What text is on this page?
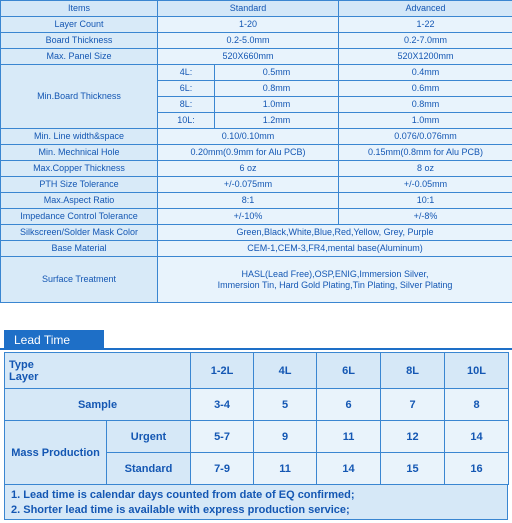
Items	Standard		Advanced
Layer Count	1-20		1-22
Board Thickness	0.2-5.0mm		0.2-7.0mm
Max. Panel Size	520X660mm		520X1200mm
Min.Board Thickness	4L:	0.5mm	0.4mm
	6L:	0.8mm	0.6mm
	8L:	1.0mm	0.8mm
	10L:	1.2mm	1.0mm
Min. Line width&space	0.10/0.10mm		0.076/0.076mm
Min. Mechnical Hole	0.20mm(0.9mm for Alu PCB)		0.15mm(0.8mm for Alu PCB)
Max.Copper Thickness	6 oz		8 oz
PTH Size Tolerance	+/-0.075mm		+/-0.05mm
Max.Aspect Ratio	8:1		10:1
Impedance Control Tolerance	+/-10%		+/-8%
Silkscreen/Solder Mask Color	Green,Black,White,Blue,Red,Yellow, Grey, Purple		
Base Material	CEM-1,CEM-3,FR4,mental base(Aluminum)		
Surface Treatment	HASL(Lead Free),OSP,ENIG,Immersion Silver,
Immersion Tin, Hard Gold Plating,Tin Plating, Silver Plating		
Lead Time
Type
Layer		1-2L	4L	6L	8L	10L
Sample		3-4	5	6	7	8
Mass Production	Urgent	5-7	9	11	12	14
	Standard	7-9	11	14	15	16
1. Lead time is calendar days counted from date of EQ confirmed;
2. Shorter lead time is available with express production service;
